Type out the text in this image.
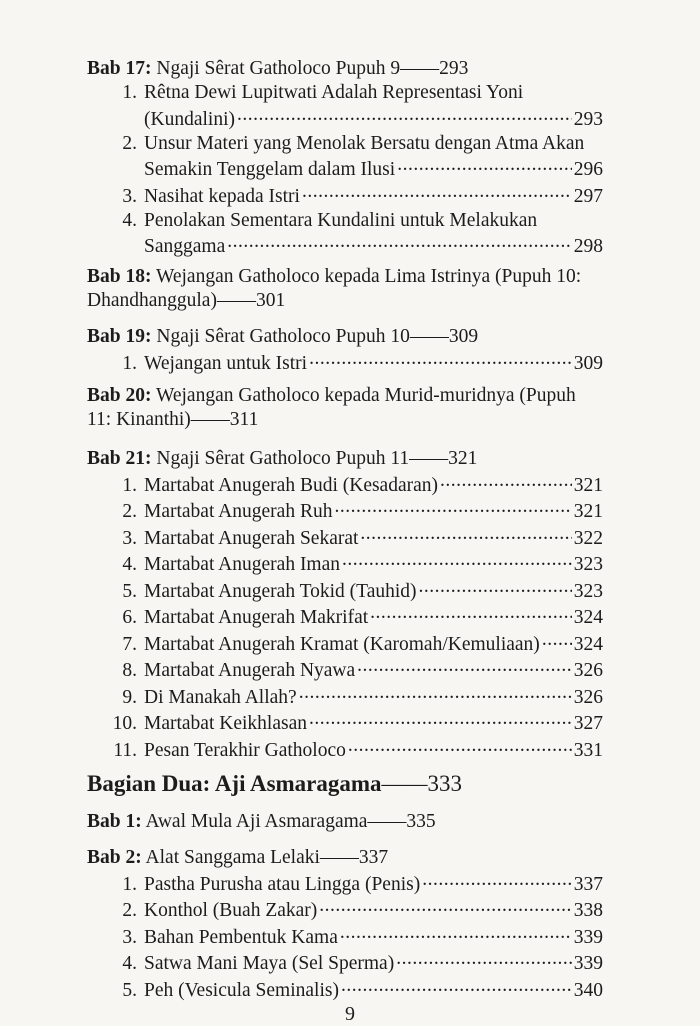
Bab 17: Ngaji Sêrat Gatholoco Pupuh 9——293
1. Rêtna Dewi Lupitwati Adalah Representasi Yoni
(Kundalini) .....	293
2. Unsur Materi yang Menolak Bersatu dengan Atma Akan
Semakin Tenggelam dalam Ilusi .....	296
3. Nasihat kepada Istri .....	297
4. Penolakan Sementara Kundalini untuk Melakukan
Sanggama .....	298
Bab 18: Wejangan Gatholoco kepada Lima Istrinya (Pupuh 10:
Dhandhanggula)——301
Bab 19: Ngaji Sêrat Gatholoco Pupuh 10——309
1. Wejangan untuk Istri .....	309
Bab 20: Wejangan Gatholoco kepada Murid-muridnya (Pupuh
11: Kinanthi)——311
Bab 21: Ngaji Sêrat Gatholoco Pupuh 11——321
1. Martabat Anugerah Budi (Kesadaran) .....	321
2. Martabat Anugerah Ruh .....	321
3. Martabat Anugerah Sekarat .....	322
4. Martabat Anugerah Iman .....	323
5. Martabat Anugerah Tokid (Tauhid) .....	323
6. Martabat Anugerah Makrifat .....	324
7. Martabat Anugerah Kramat (Karomah/Kemuliaan) ..... 324
8. Martabat Anugerah Nyawa .....	326
9. Di Manakah Allah? .....	326
10. Martabat Keikhlasan .....	327
11. Pesan Terakhir Gatholoco .....	331
Bagian Dua: Aji Asmaragama——333
Bab 1: Awal Mula Aji Asmaragama——335
Bab 2: Alat Sanggama Lelaki——337
1. Pastha Purusha atau Lingga (Penis) .....	337
2. Konthol (Buah Zakar) .....	338
3. Bahan Pembentuk Kama .....	339
4. Satwa Mani Maya (Sel Sperma) .....	339
5. Peh (Vesicula Seminalis) .....	340
9
